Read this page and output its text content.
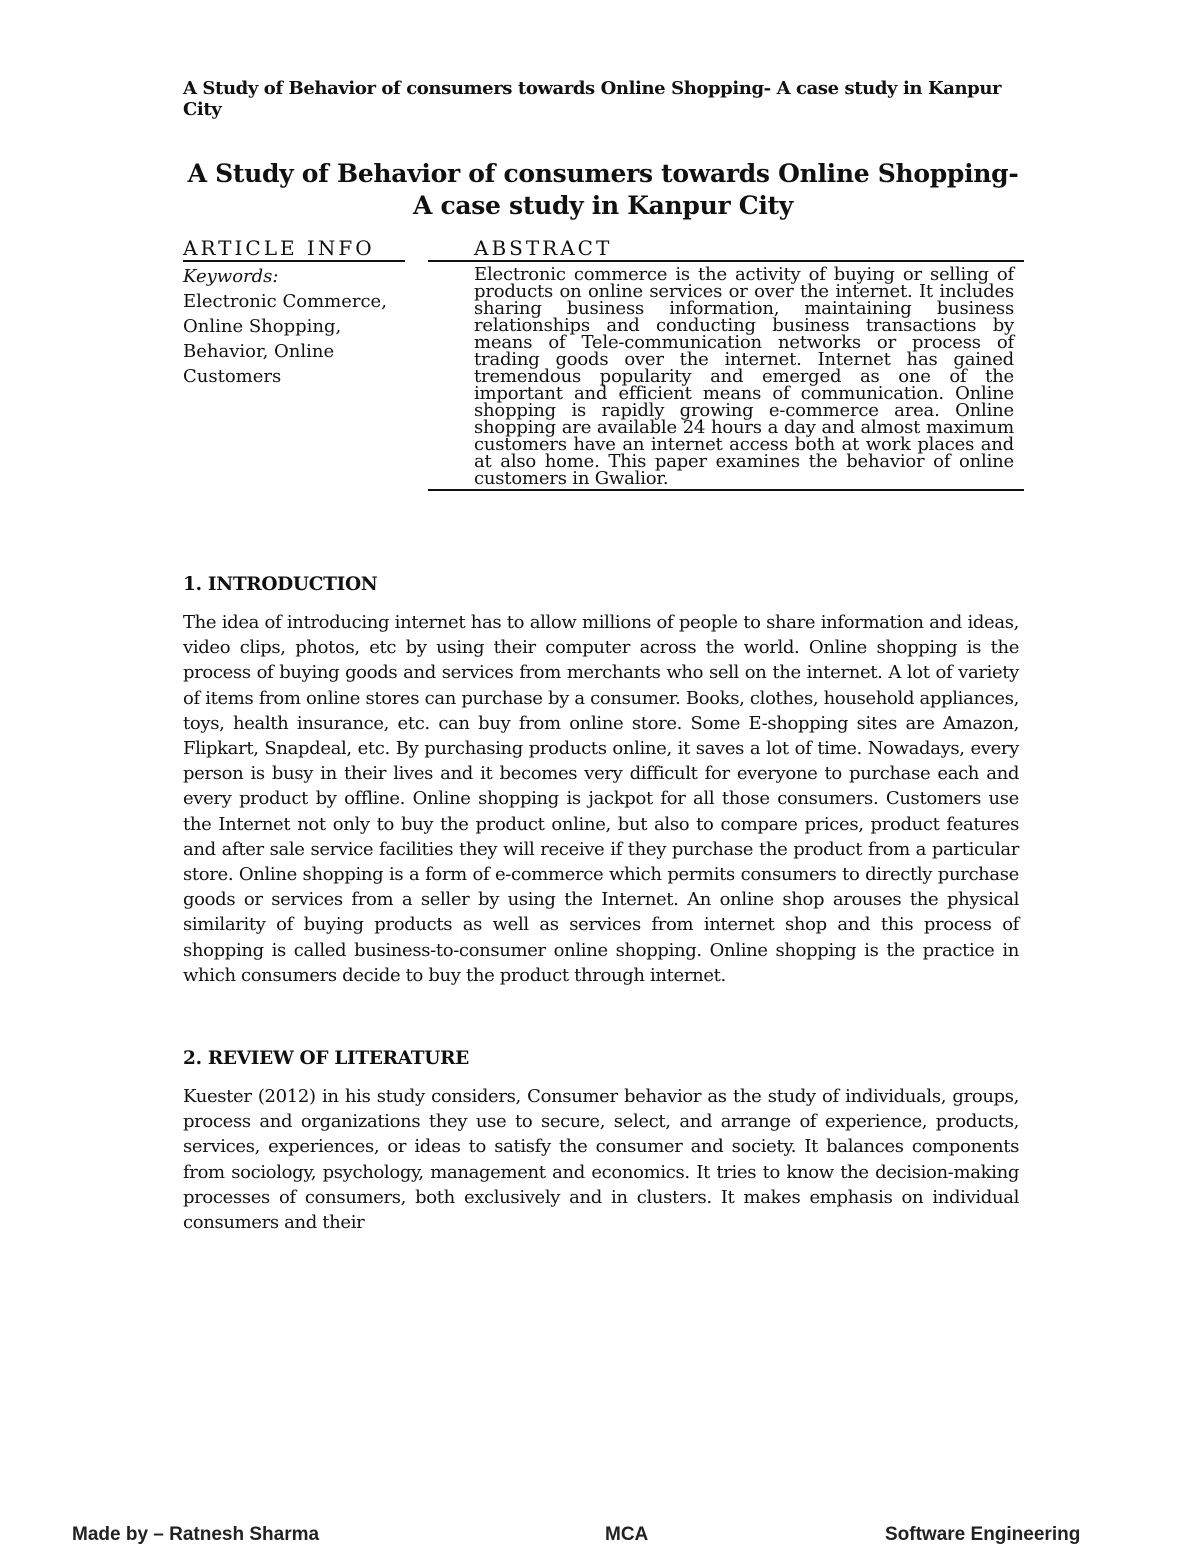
A Study of Behavior of consumers towards Online Shopping- A case study in Kanpur City
A Study of Behavior of consumers towards Online Shopping- A case study in Kanpur City
ARTICLE INFO
Keywords:
Electronic Commerce, Online Shopping, Behavior, Online Customers
ABSTRACT
Electronic commerce is the activity of buying or selling of products on online services or over the internet. It includes sharing business information, maintaining business relationships and conducting business transactions by means of Tele-communication networks or process of trading goods over the internet. Internet has gained tremendous popularity and emerged as one of the important and efficient means of communication. Online shopping is rapidly growing e-commerce area. Online shopping are available 24 hours a day and almost maximum customers have an internet access both at work places and at also home. This paper examines the behavior of online customers in Gwalior.
1. INTRODUCTION
The idea of introducing internet has to allow millions of people to share information and ideas, video clips, photos, etc by using their computer across the world. Online shopping is the process of buying goods and services from merchants who sell on the internet. A lot of variety of items from online stores can purchase by a consumer. Books, clothes, household appliances, toys, health insurance, etc. can buy from online store. Some E-shopping sites are Amazon, Flipkart, Snapdeal, etc. By purchasing products online, it saves a lot of time. Nowadays, every person is busy in their lives and it becomes very difficult for everyone to purchase each and every product by offline. Online shopping is jackpot for all those consumers. Customers use the Internet not only to buy the product online, but also to compare prices, product features and after sale service facilities they will receive if they purchase the product from a particular store. Online shopping is a form of e-commerce which permits consumers to directly purchase goods or services from a seller by using the Internet. An online shop arouses the physical similarity of buying products as well as services from internet shop and this process of shopping is called business-to-consumer online shopping. Online shopping is the practice in which consumers decide to buy the product through internet.
2. REVIEW OF LITERATURE
Kuester (2012) in his study considers, Consumer behavior as the study of individuals, groups, process and organizations they use to secure, select, and arrange of experience, products, services, experiences, or ideas to satisfy the consumer and society. It balances components from sociology, psychology, management and economics. It tries to know the decision-making processes of consumers, both exclusively and in clusters. It makes emphasis on individual consumers and their
Made by – Ratnesh Sharma	MCA	Software Engineering
